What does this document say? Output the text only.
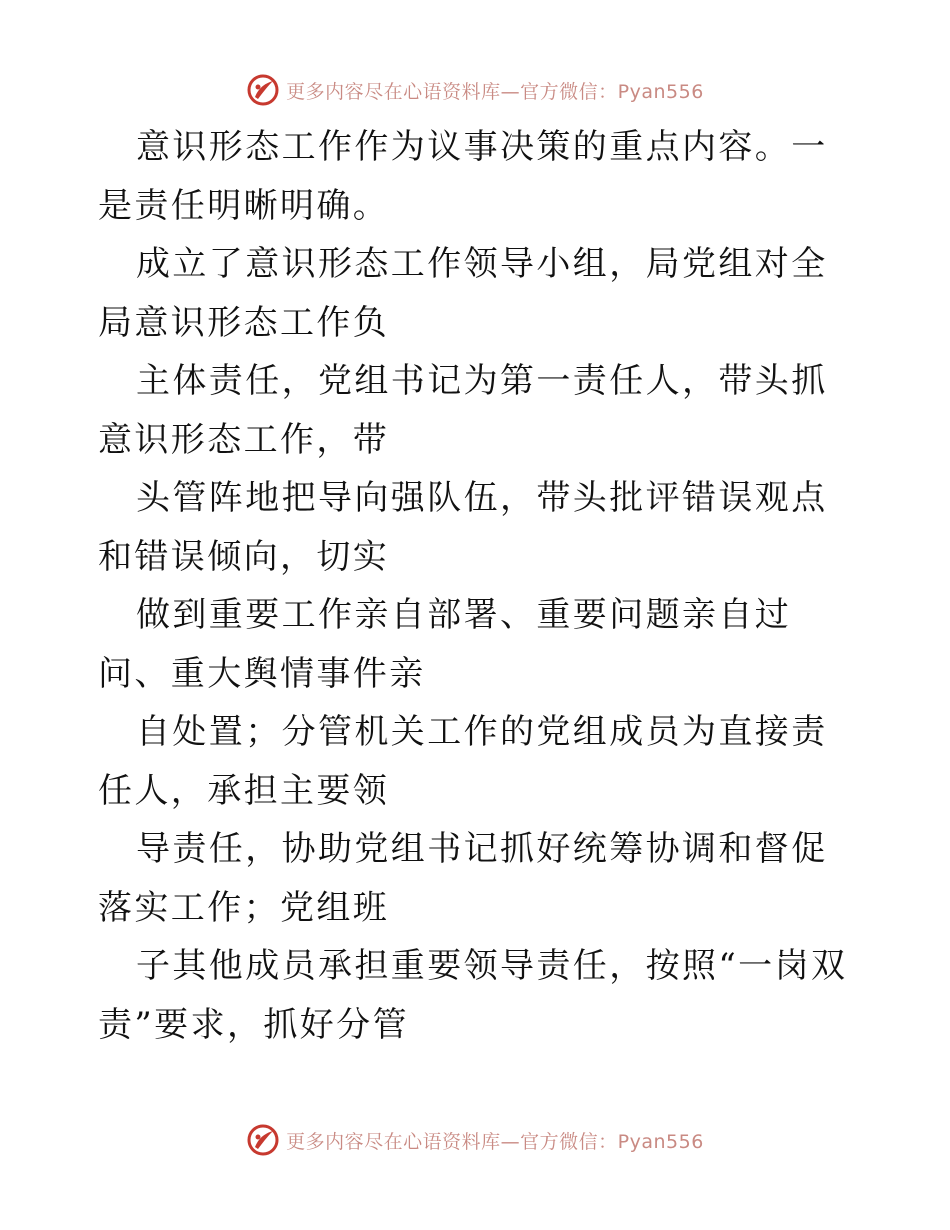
更多内容尽在心语资料库—官方微信：Pyan556

意识形态工作作为议事决策的重点内容。一是责任明晰明确。

成立了意识形态工作领导小组，局党组对全局意识形态工作负

主体责任，党组书记为第一责任人，带头抓意识形态工作，带

头管阵地把导向强队伍，带头批评错误观点和错误倾向，切实

做到重要工作亲自部署、重要问题亲自过问、重大舆情事件亲

自处置；分管机关工作的党组成员为直接责任人，承担主要领

导责任，协助党组书记抓好统筹协调和督促落实工作；党组班

子其他成员承担重要领导责任，按照“一岗双责”要求，抓好分管

更多内容尽在心语资料库—官方微信：Pyan556
